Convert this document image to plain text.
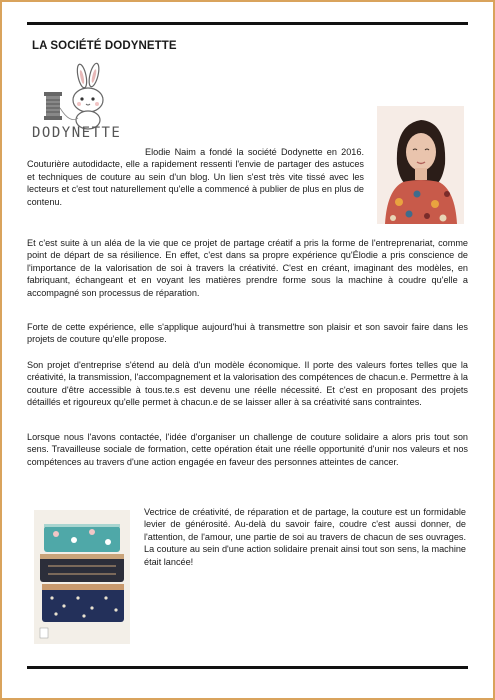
LA SOCIÉTÉ DODYNETTE
DODYNETTE

Elodie Naim a fondé la société Dodynette en 2016. Couturière autodidacte, elle a rapidement ressenti l'envie de partager des astuces et techniques de couture au sein d'un blog. Un lien s'est très vite tissé avec les lecteurs et c'est tout naturellement qu'elle a commencé à publier de plus en plus de contenu.

Et c'est suite à un aléa de la vie que ce projet de partage créatif a pris la forme de l'entreprenariat, comme point de départ de sa résilience. En effet, c'est dans sa propre expérience qu'Élodie a pris conscience de l'importance de la valorisation de soi à travers la créativité. C'est en créant, imaginant des modèles, en fabriquant, échangeant et en voyant les matières prendre forme sous la machine à coudre qu'elle a accompagné son processus de réparation.

Forte de cette expérience, elle s'applique aujourd'hui à transmettre son plaisir et son savoir faire dans les projets de couture qu'elle propose.

Son projet d'entreprise s'étend au delà d'un modèle économique. Il porte des valeurs fortes telles que la créativité, la transmission, l'accompagnement et la valorisation des compétences de chacun.e. Permettre à la couture d'être accessible à tous.te.s est devenu une réelle nécessité. Et c'est en proposant des projets détaillés et rigoureux qu'elle permet à chacun.e de se laisser aller à sa créativité sans contraintes.

Lorsque nous l'avons contactée, l'idée d'organiser un challenge de couture solidaire a alors pris tout son sens. Travailleuse sociale de formation, cette opération était une réelle opportunité d'unir nos valeurs et nos compétences au travers d'une action engagée en faveur des personnes atteintes de cancer.

Vectrice de créativité, de réparation et de partage, la couture est un formidable levier de générosité. Au-delà du savoir faire, coudre c'est aussi donner, de l'attention, de l'amour, une partie de soi au travers de chacun de ses ouvrages. La couture au sein d'une action solidaire prenait ainsi tout son sens, la machine était lancée!
